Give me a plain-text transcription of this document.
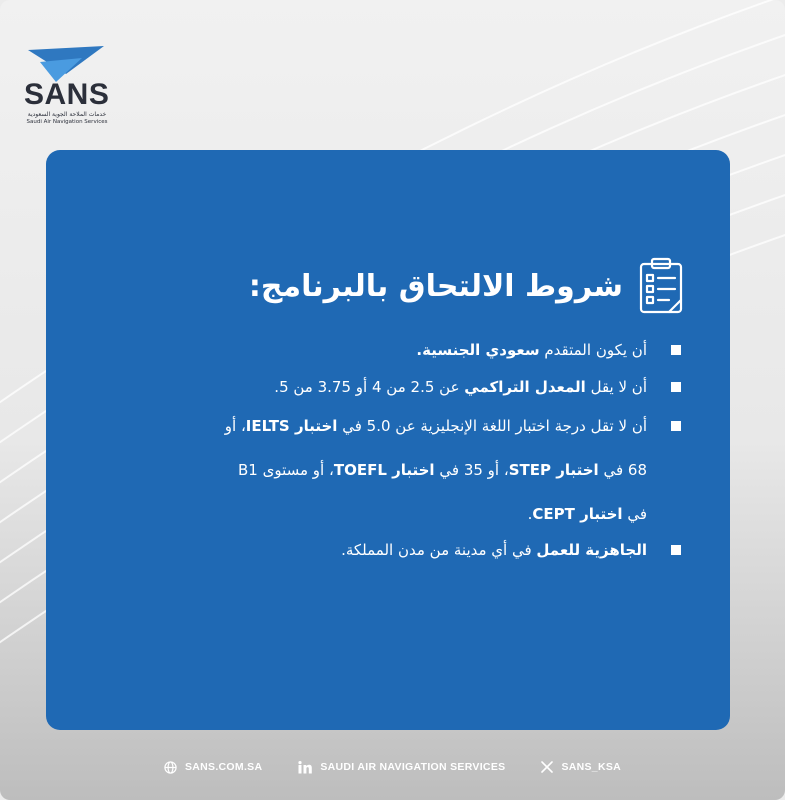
SANS
خدمات الملاحة الجوية السعودية
Saudi Air Navigation Services
شروط الالتحاق بالبرنامج:
أن يكون المتقدم سعودي الجنسية.
أن لا يقل المعدل التراكمي عن 2.5 من 4 أو 3.75 من 5.
أن لا تقل درجة اختبار اللغة الإنجليزية عن 5.0 في اختبار IELTS، أو 68 في اختبار STEP، أو 35 في اختبار TOEFL، أو مستوى B1 في اختبار CEPT.
الجاهزية للعمل في أي مدينة من مدن المملكة.
SANS.COM.SA	SAUDI AIR NAVIGATION SERVICES	SANS_KSA
